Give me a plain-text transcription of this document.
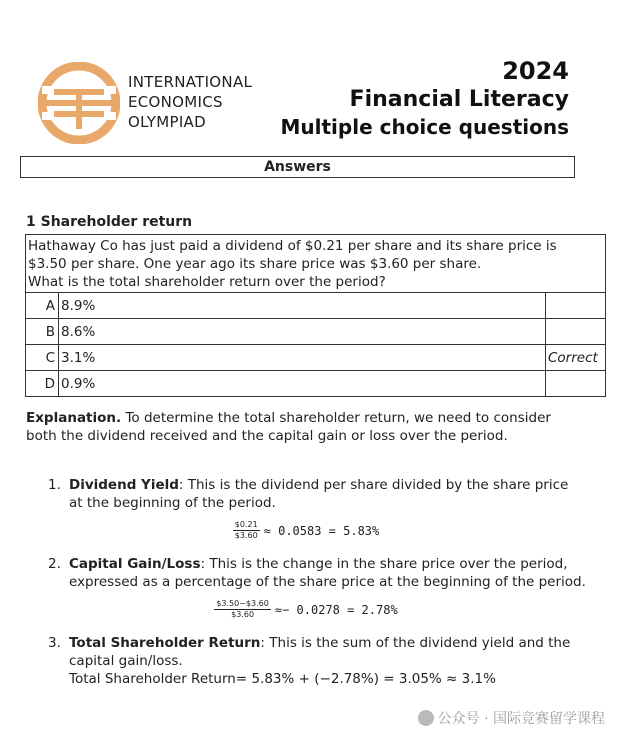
INTERNATIONAL
ECONOMICS
OLYMPIAD
2024
Financial Literacy
Multiple choice questions
Answers
1 Shareholder return
Hathaway Co has just paid a dividend of $0.21 per share and its share price is
$3.50 per share. One year ago its share price was $3.60 per share.
What is the total shareholder return over the period?		

A	8.9%	
B	8.6%	
C	3.1%	Correct
D	0.9%	
Explanation. To determine the total shareholder return, we need to consider both the dividend received and the capital gain or loss over the period.
1. Dividend Yield: This is the dividend per share divided by the share price at the beginning of the period.
$\frac{\$0.21}{\$3.60} \approx 0.0583 = 5.83\%$
2. Capital Gain/Loss: This is the change in the share price over the period, expressed as a percentage of the share price at the beginning of the period.
$\frac{\$3.50-\$3.60}{\$3.60} \approx- 0.0278 = 2.78\%$
3. Total Shareholder Return: This is the sum of the dividend yield and the capital gain/loss.
Total Shareholder Return= 5.83% + (−2.78%) = 3.05% ≈ 3.1%
公众号 · 国际竞赛留学课程
